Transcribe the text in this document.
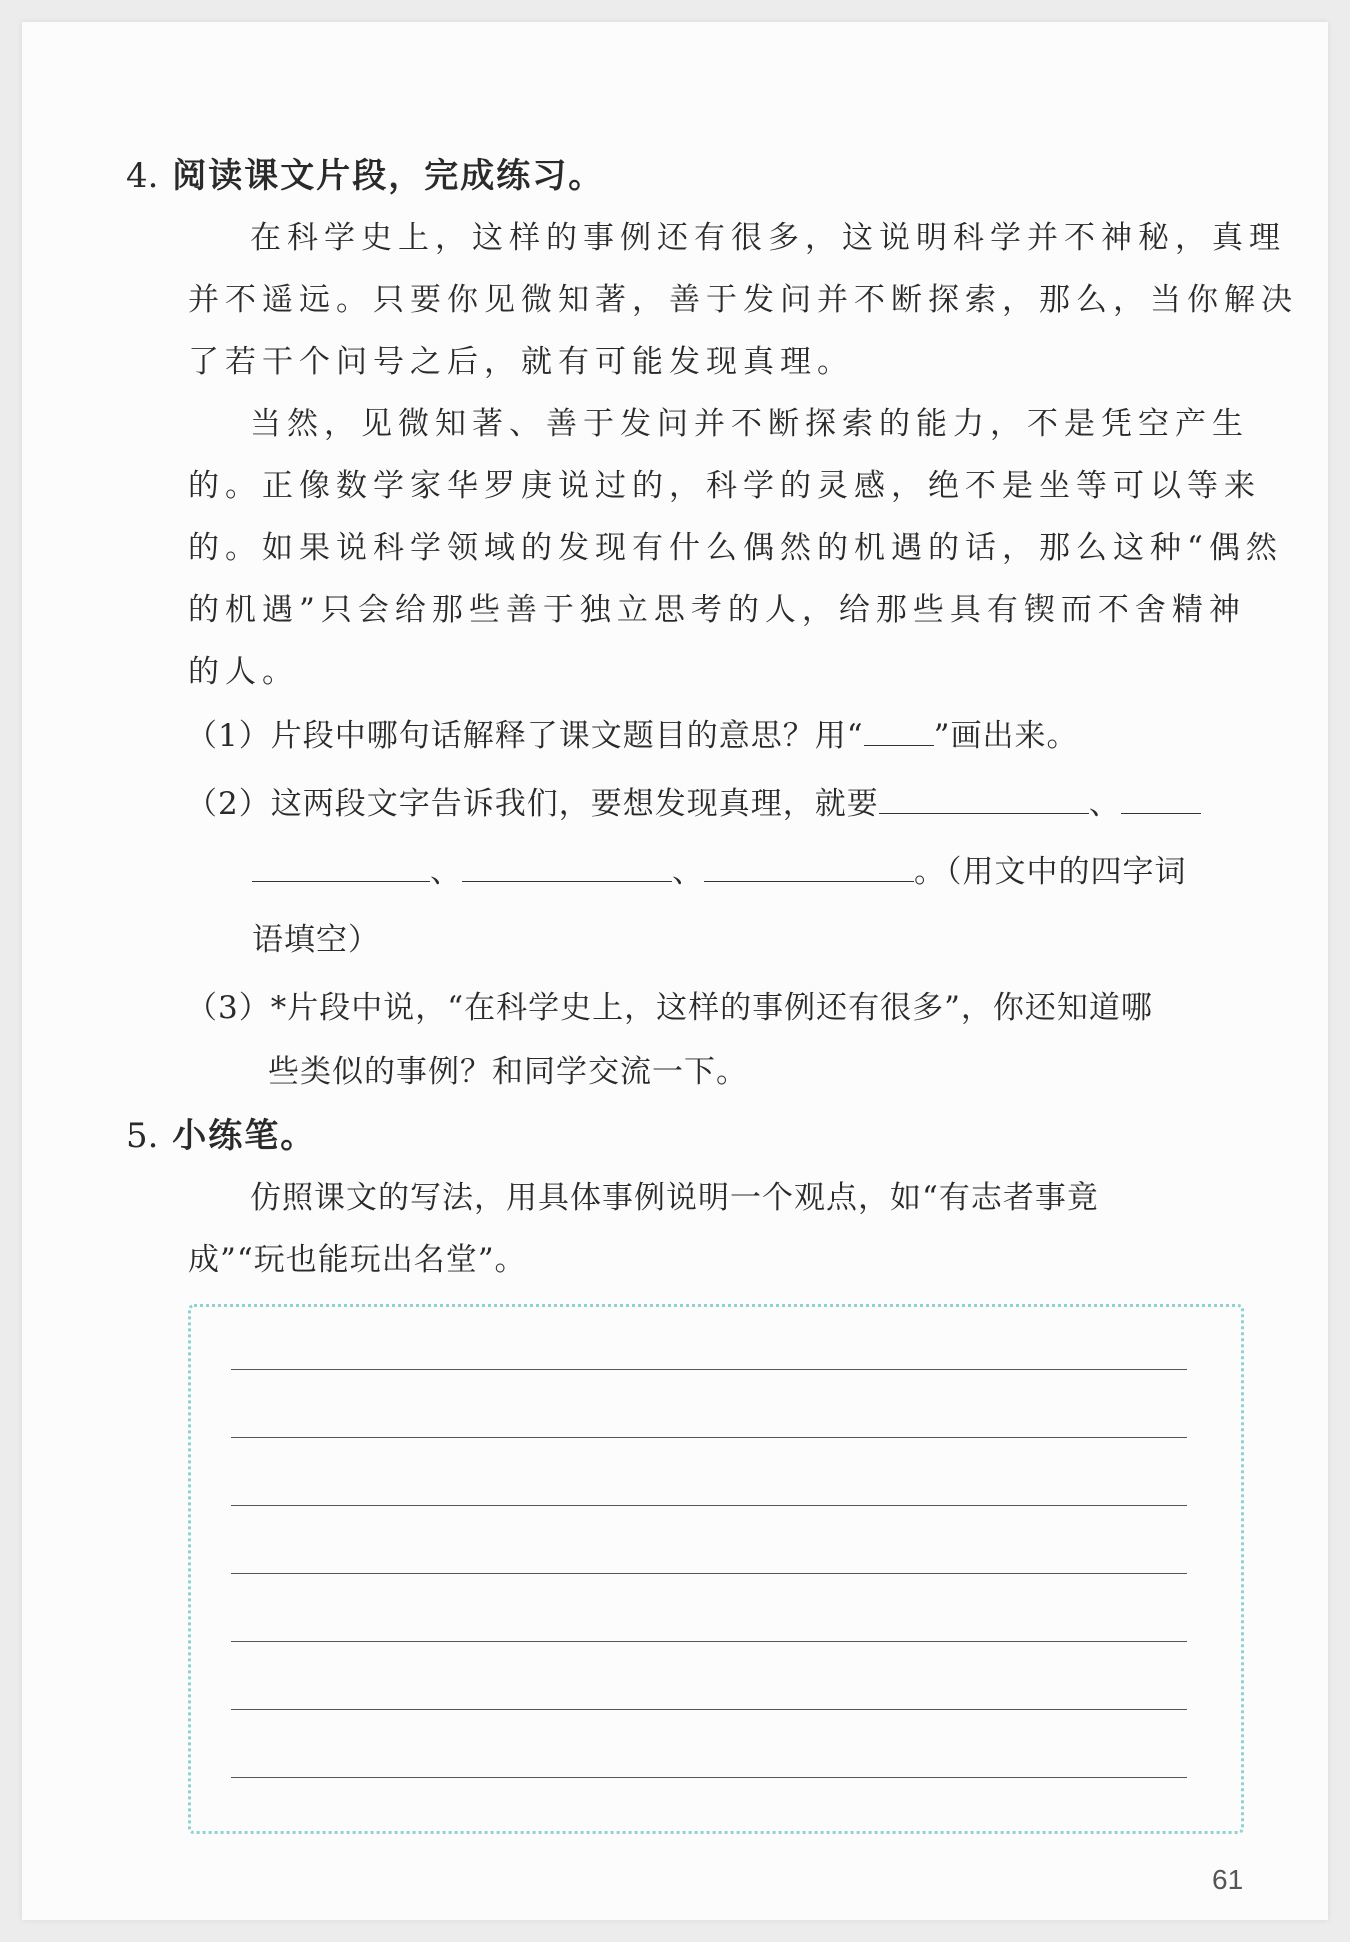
4. 阅读课文片段，完成练习。
在科学史上，这样的事例还有很多，这说明科学并不神秘，真理
并不遥远。只要你见微知著，善于发问并不断探索，那么，当你解决
了若干个问号之后，就有可能发现真理。
当然，见微知著、善于发问并不断探索的能力，不是凭空产生
的。正像数学家华罗庚说过的，科学的灵感，绝不是坐等可以等来
的。如果说科学领域的发现有什么偶然的机遇的话，那么这种“偶然
的机遇”只会给那些善于独立思考的人，给那些具有锲而不舍精神
的人。
（1）片段中哪句话解释了课文题目的意思？用“ ”画出来。
（2）这两段文字告诉我们，要想发现真理，就要	、
、	、	。（用文中的四字词
语填空）
（3）*片段中说，“在科学史上，这样的事例还有很多”，你还知道哪
些类似的事例？和同学交流一下。
5. 小练笔。
仿照课文的写法，用具体事例说明一个观点，如“有志者事竟
成”“玩也能玩出名堂”。
61
